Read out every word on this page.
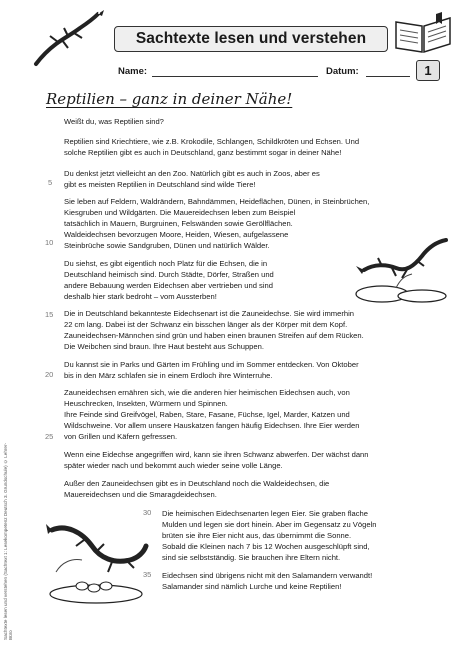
Sachtexte lesen und verstehen
Name:	Datum:	1
Reptilien – ganz in deiner Nähe!
Sachtexte lesen und verstehen (Sachtext 1: Lesekompetenz Deutsch 3. Grundschule) © Lehrer-Büro
5
10
15
20
25
30
35
Weißt du, was Reptilien sind?
Reptilien sind Kriechtiere, wie z.B. Krokodile, Schlangen, Schildkröten und Echsen. Und
solche Reptilien gibt es auch in Deutschland, ganz bestimmt sogar in deiner Nähe!
Du denkst jetzt vielleicht an den Zoo. Natürlich gibt es auch in Zoos, aber es
gibt es meisten Reptilien in Deutschland sind wilde Tiere!
Sie leben auf Feldern, Waldrändern, Bahndämmen, Heideflächen, Dünen, in Steinbrüchen,
Kiesgruben und Wildgärten. Die Mauereidechsen leben zum Beispiel
tatsächlich in Mauern, Burgruinen, Felswänden sowie Geröllflächen.
Waldeidechsen bevorzugen Moore, Heiden, Wiesen, aufgelassene
Steinbrüche sowie Sandgruben, Dünen und natürlich Wälder.
Du siehst, es gibt eigentlich noch Platz für die Echsen, die in
Deutschland heimisch sind. Durch Städte, Dörfer, Straßen und
andere Bebauung werden Eidechsen aber vertrieben und sind
deshalb hier stark bedroht – vom Aussterben!
Die in Deutschland bekannteste Eidechsenart ist die Zauneidechse. Sie wird immerhin
22 cm lang. Dabei ist der Schwanz ein bisschen länger als der Körper mit dem Kopf.
Zauneidechsen-Männchen sind grün und haben einen braunen Streifen auf dem Rücken.
Die Weibchen sind braun. Ihre Haut besteht aus Schuppen.
Du kannst sie in Parks und Gärten im Frühling und im Sommer entdecken. Von Oktober
bis in den März schlafen sie in einem Erdloch ihre Winterruhe.
Zauneidechsen ernähren sich, wie die anderen hier heimischen Eidechsen auch, von
Heuschrecken, Insekten, Würmern und Spinnen.
Ihre Feinde sind Greifvögel, Raben, Stare, Fasane, Füchse, Igel, Marder, Katzen und
Wildschweine. Vor allem unsere Hauskatzen fangen häufig Eidechsen. Ihre Eier werden
von Grillen und Käfern gefressen.
Wenn eine Eidechse angegriffen wird, kann sie ihren Schwanz abwerfen. Der wächst dann
später wieder nach und bekommt auch wieder seine volle Länge.
Außer den Zauneidechsen gibt es in Deutschland noch die Waldeidechsen, die
Mauereidechsen und die Smaragdeidechsen.
Die heimischen Eidechsenarten legen Eier. Sie graben flache
Mulden und legen sie dort hinein. Aber im Gegensatz zu Vögeln
brüten sie ihre Eier nicht aus, das übernimmt die Sonne.
Sobald die Kleinen nach 7 bis 12 Wochen ausgeschlüpft sind,
sind sie selbstständig. Sie brauchen ihre Eltern nicht.
Eidechsen sind übrigens nicht mit den Salamandern verwandt!
Salamander sind nämlich Lurche und keine Reptilien!
